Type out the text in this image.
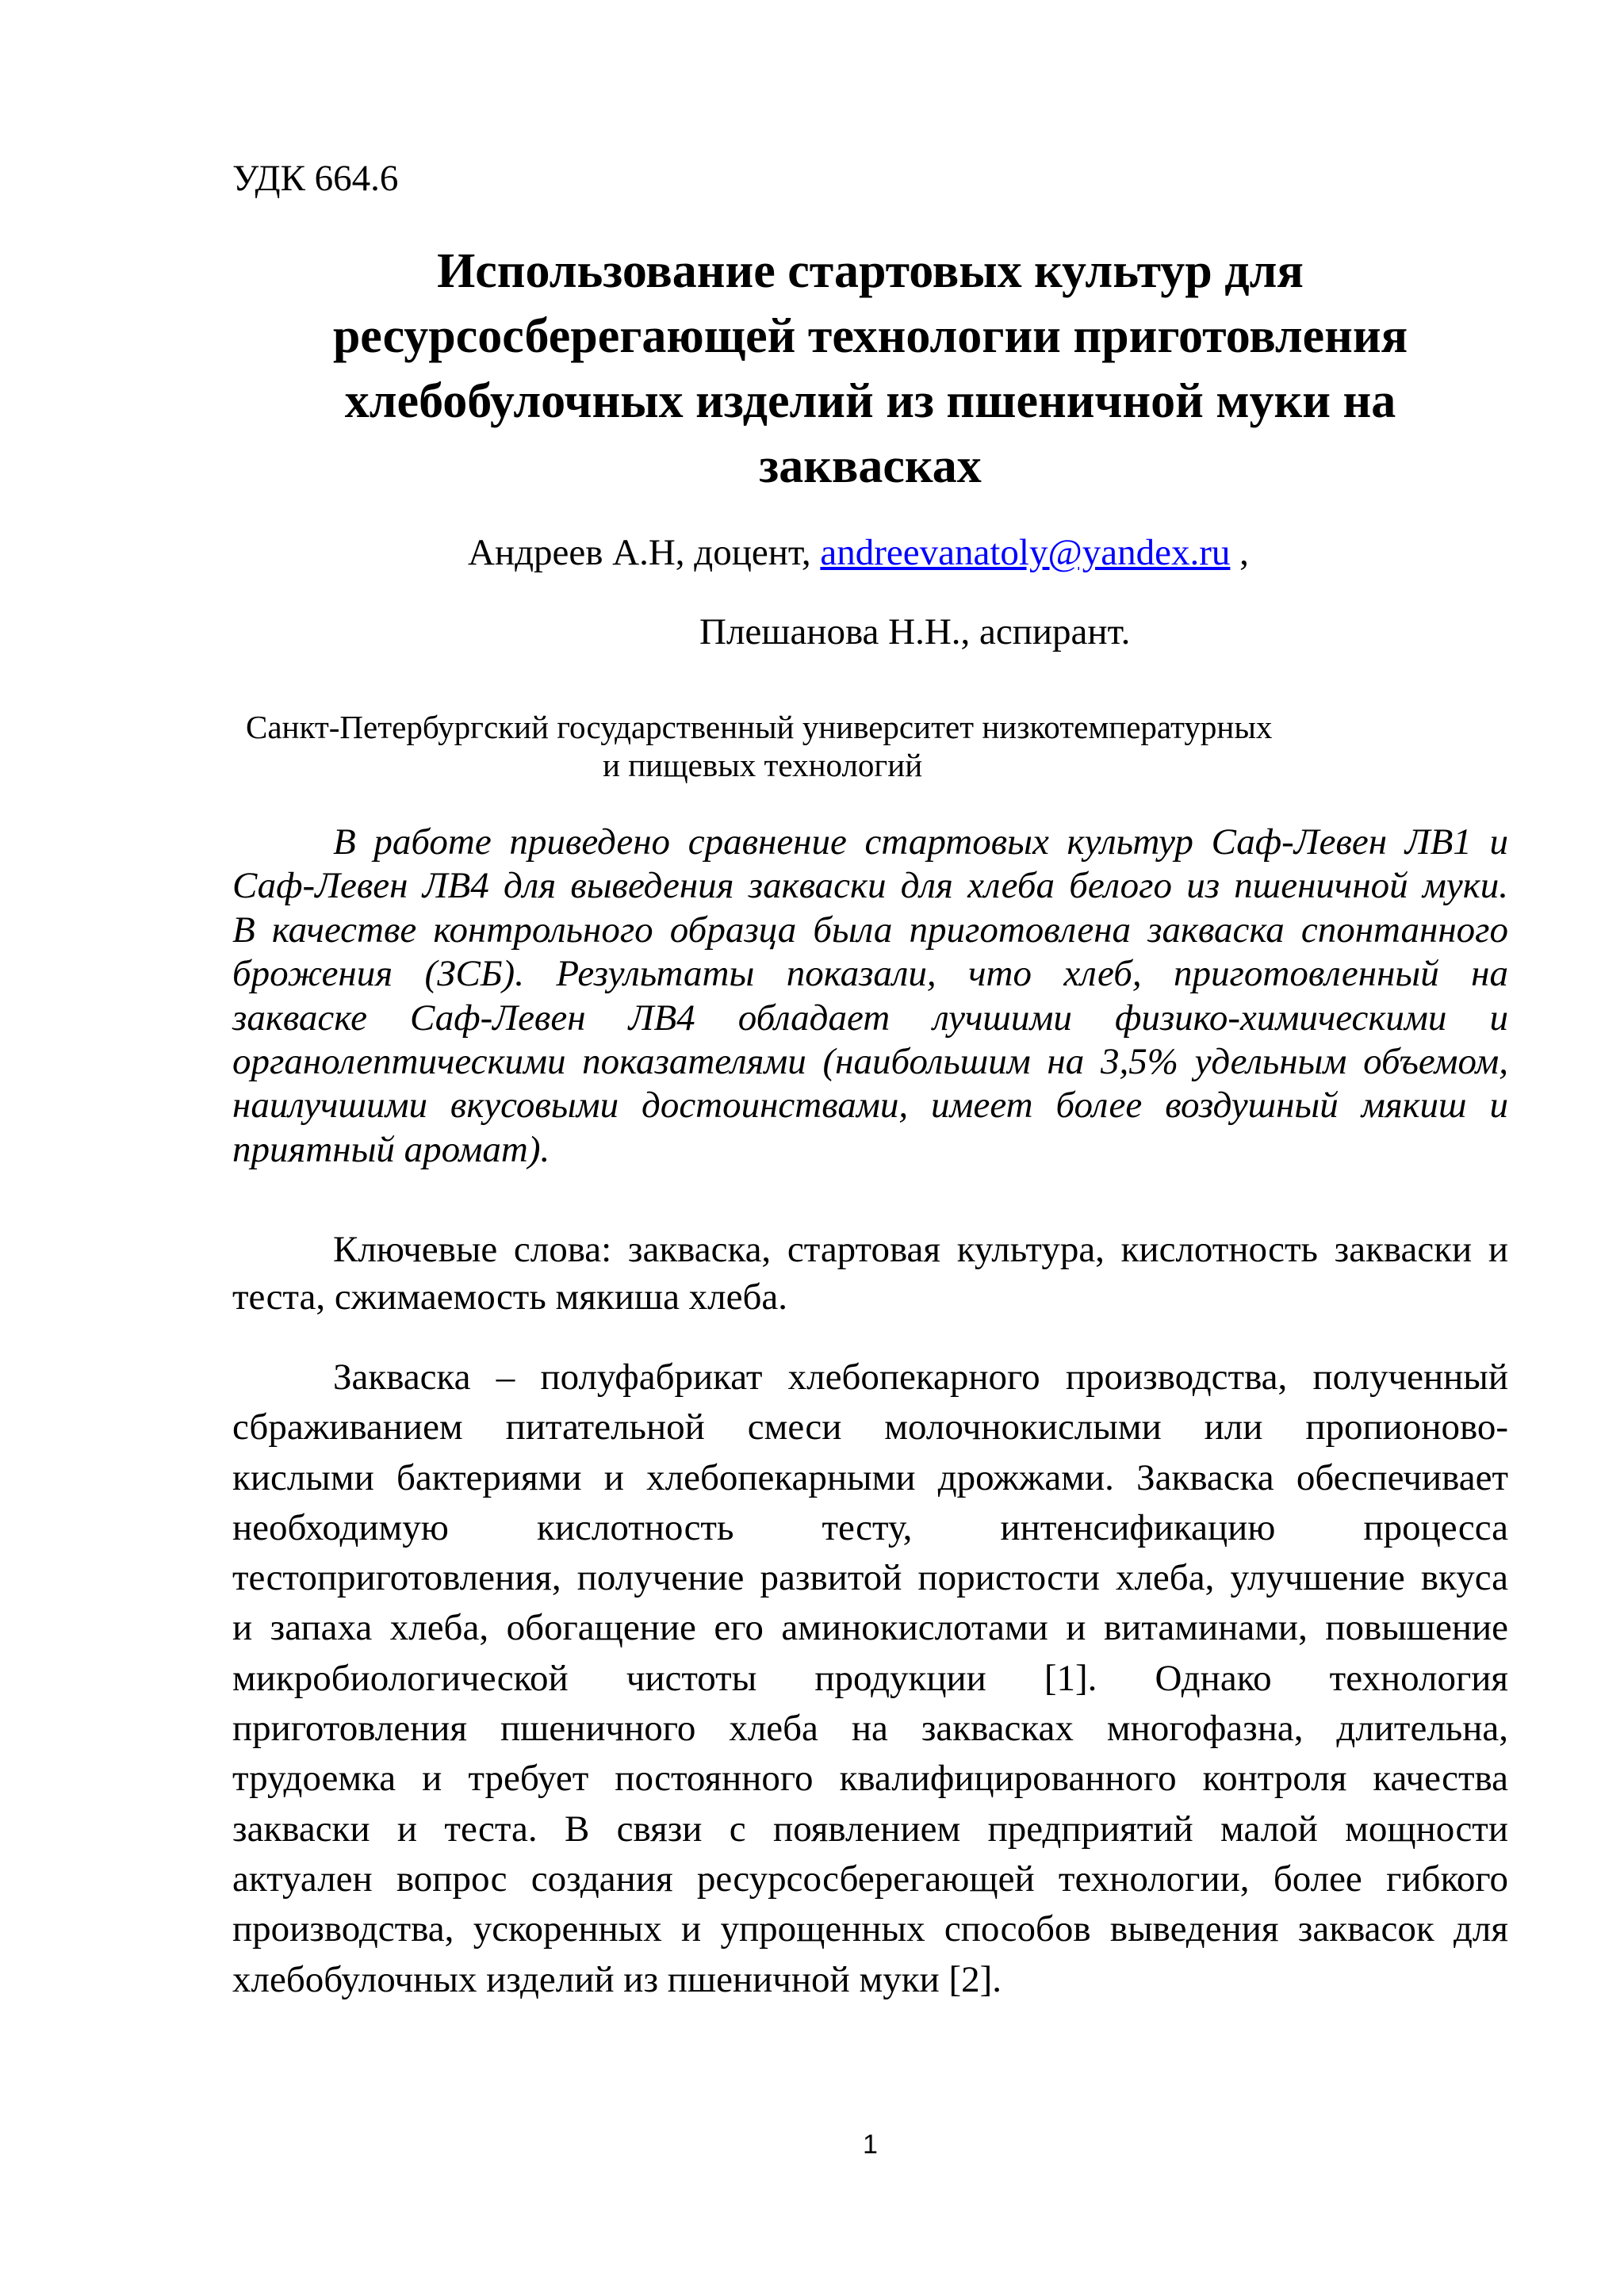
УДК 664.6
Использование стартовых культур для
ресурсосберегающей технологии приготовления
хлебобулочных изделий из пшеничной муки на
заквасках
Андреев А.Н, доцент, andreevanatoly@yandex.ru ,
Плешанова Н.Н., аспирант.
Санкт-Петербургский государственный университет низкотемпературных
и пищевых технологий
В работе приведено сравнение стартовых культур Саф-Левен ЛВ1 и
Саф-Левен ЛВ4 для выведения закваски для хлеба белого из пшеничной муки.
В качестве контрольного образца была приготовлена закваска спонтанного
брожения (ЗСБ). Результаты показали, что хлеб, приготовленный на
закваске Саф-Левен ЛВ4 обладает лучшими физико-химическими и
органолептическими показателями (наибольшим на 3,5% удельным объемом,
наилучшими вкусовыми достоинствами, имеет более воздушный мякиш и
приятный аромат).
Ключевые слова: закваска, стартовая культура, кислотность закваски и
теста, сжимаемость мякиша хлеба.
Закваска – полуфабрикат хлебопекарного производства, полученный
сбраживанием питательной смеси молочнокислыми или пропионово-
кислыми бактериями и хлебопекарными дрожжами. Закваска обеспечивает
необходимую кислотность тесту, интенсификацию процесса
тестоприготовления, получение развитой пористости хлеба, улучшение вкуса
и запаха хлеба, обогащение его аминокислотами и витаминами, повышение
микробиологической чистоты продукции [1]. Однако технология
приготовления пшеничного хлеба на заквасках многофазна, длительна,
трудоемка и требует постоянного квалифицированного контроля качества
закваски и теста. В связи с появлением предприятий малой мощности
актуален вопрос создания ресурсосберегающей технологии, более гибкого
производства, ускоренных и упрощенных способов выведения заквасок для
хлебобулочных изделий из пшеничной муки [2].
1
